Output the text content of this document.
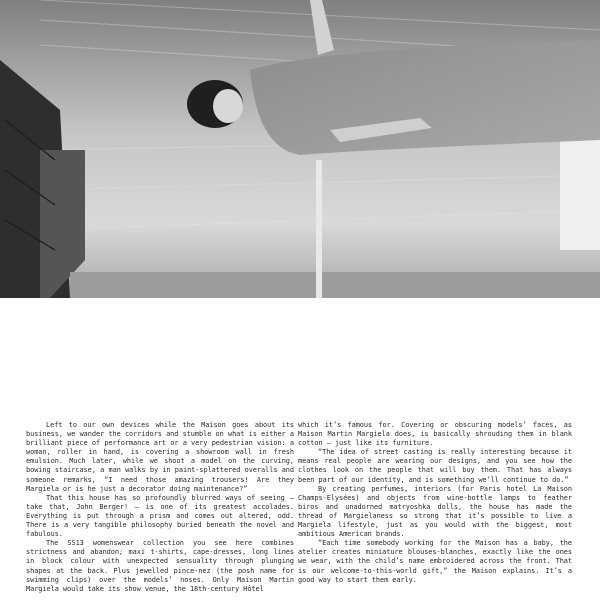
Left to our own devices while the Maison goes about its business, we wander the corridors and stumble on what is either a brilliant piece of performance art or a very pedestrian vision: a woman, roller in hand, is covering a showroom wall in fresh emulsion. Much later, while we shoot a model on the curving, bowing staircase, a man walks by in paint-splattered overalls and someone remarks, “I need those amazing trousers! Are they Margiela or is he just a decorator doing maintenance?”

That this house has so profoundly blurred ways of seeing – take that, John Berger! – is one of its greatest accolades. Everything is put through a prism and comes out altered, odd. There is a very tangible philosophy buried beneath the novel and fabulous.

The SS13 womenswear collection you see here combines strictness and abandon; maxi t-shirts, cape-dresses, long lines in block colour with unexpected sensuality through plunging shapes at the back. Plus jewelled pince-nez (the posh name for swimming clips) over the models’ noses. Only Maison Martin Margiela would take its show venue, the 18th-century Hôtel

which it’s famous for. Covering or obscuring models’ faces, as Maison Martin Margiela does, is basically shrouding them in blank cotton – just like its furniture.

“The idea of street casting is really interesting because it means real people are wearing our designs, and you see how the clothes look on the people that will buy them. That has always been part of our identity, and is something we’ll continue to do.”

By creating perfumes, interiors (for Paris hotel La Maison Champs-Elysées) and objects from wine-bottle lamps to feather biros and unadorned matryoshka dolls, the house has made the thread of Margielaness so strong that it’s possible to live a Margiela lifestyle, just as you would with the biggest, most ambitious American brands.

“Each time somebody working for the Maison has a baby, the atelier creates miniature blouses-blanches, exactly like the ones we wear, with the child’s name embroidered across the front. That is our welcome-to-this-world gift,” the Maison explains. It’s a good way to start them early.
